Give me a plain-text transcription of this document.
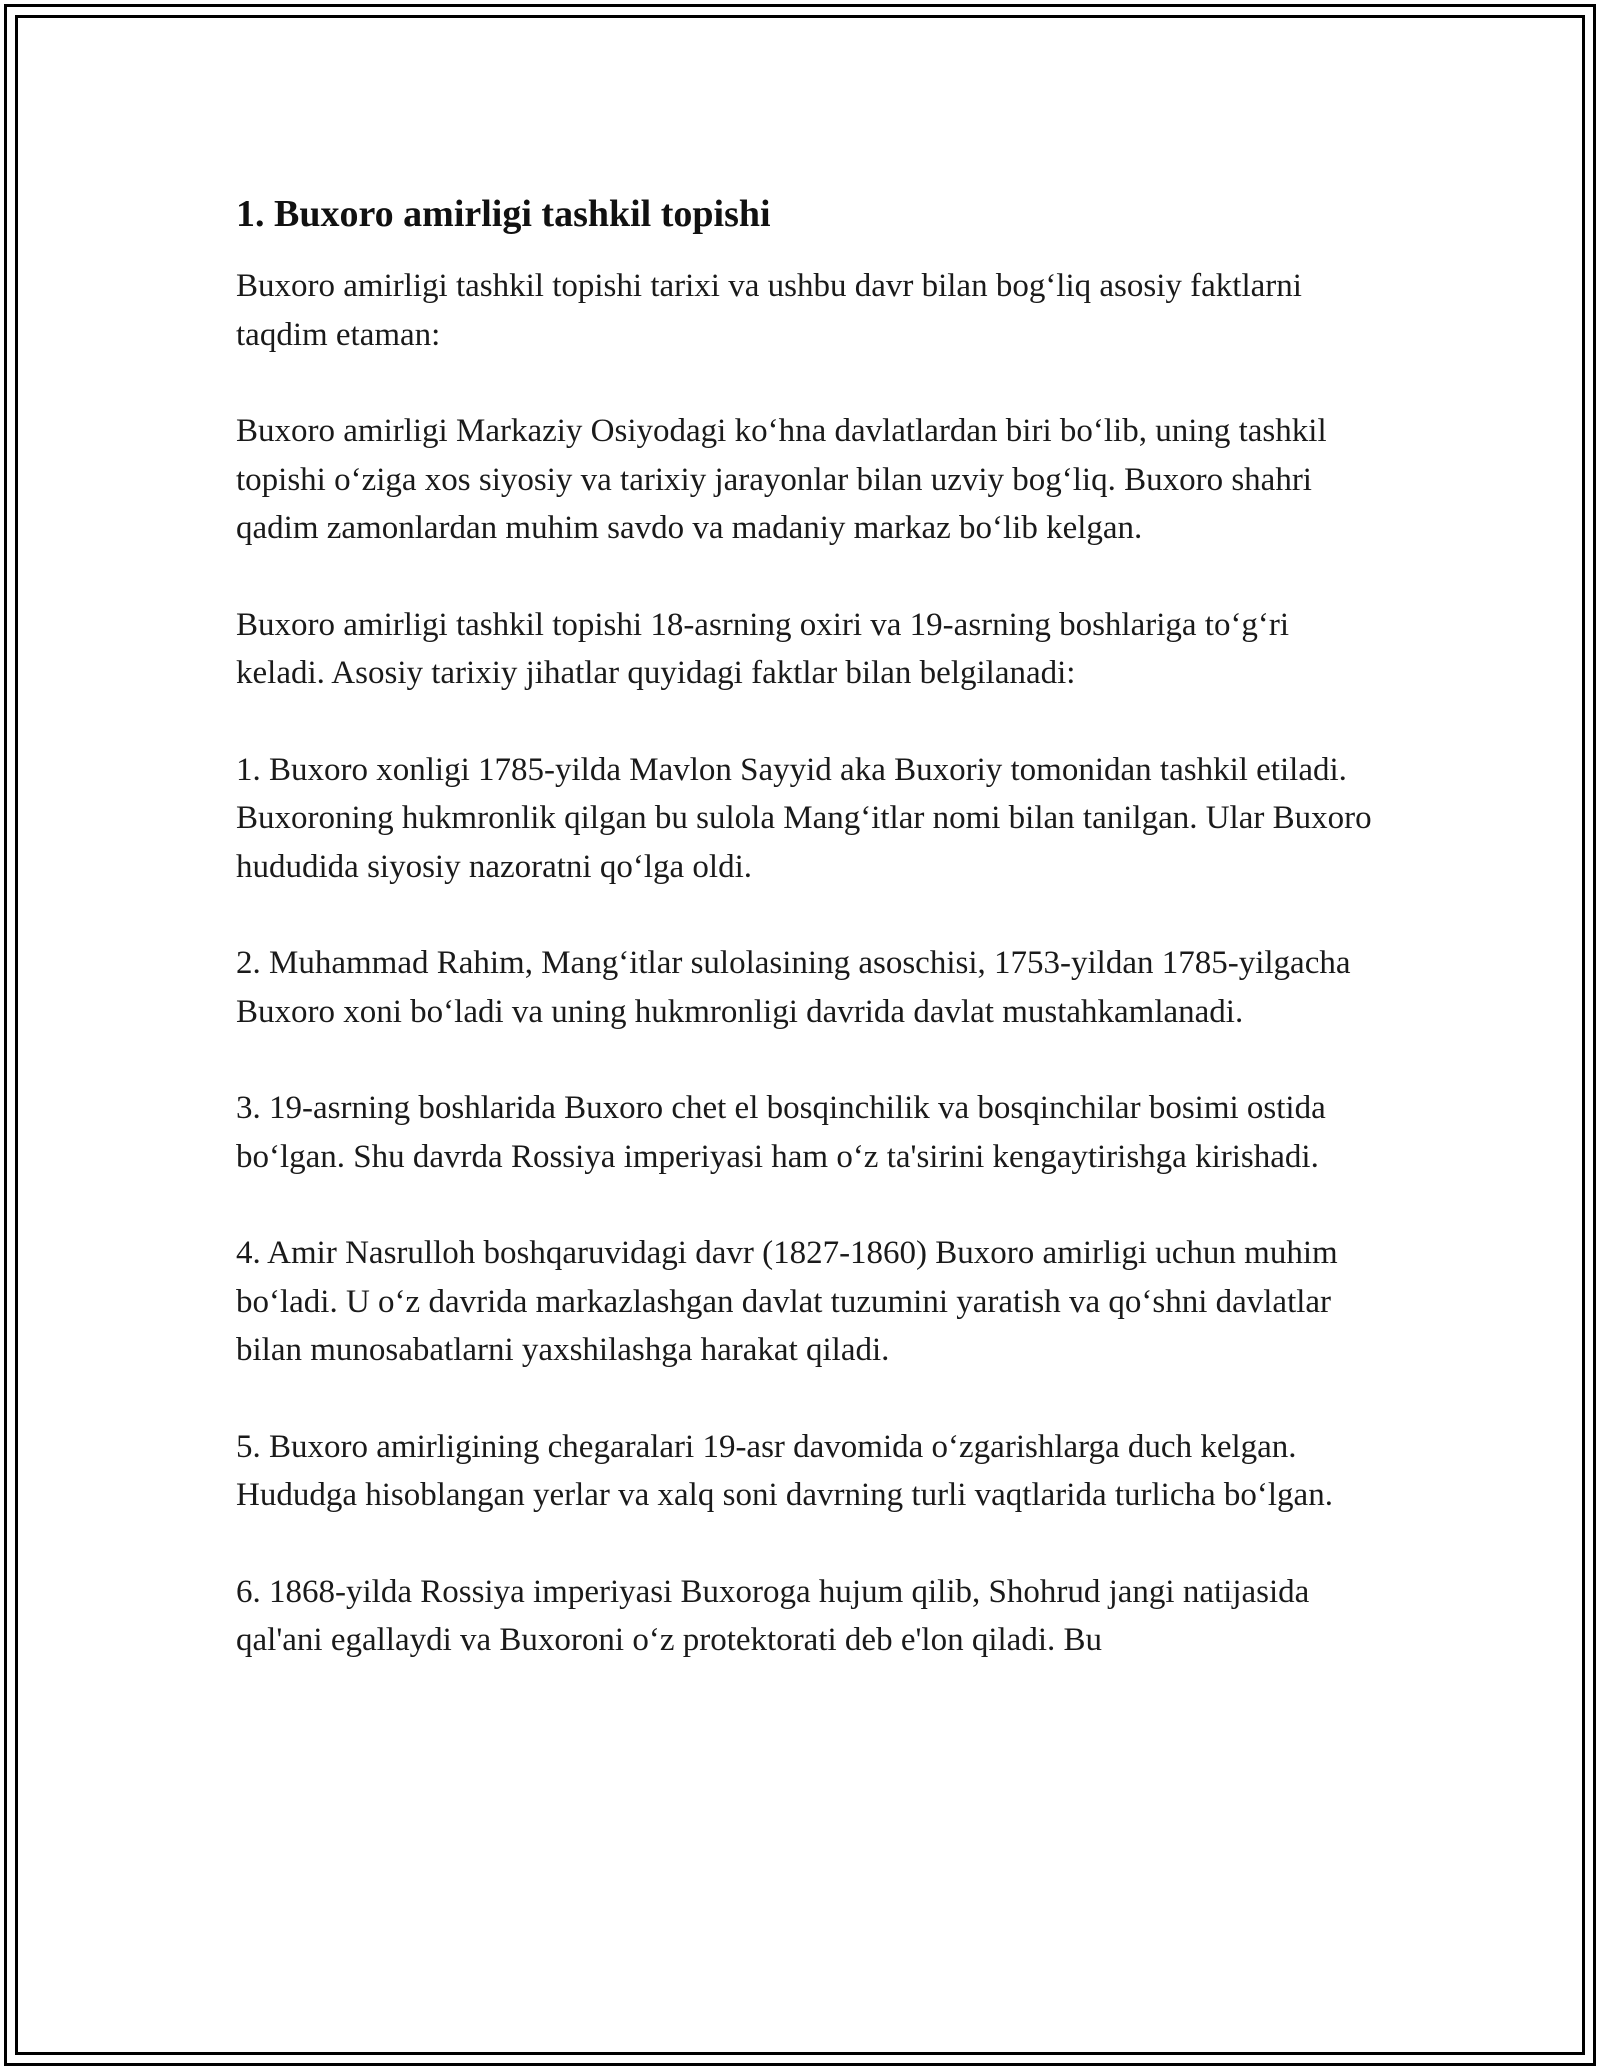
1. Buxoro amirligi tashkil topishi

Buxoro amirligi tashkil topishi tarixi va ushbu davr bilan bog‘liq asosiy faktlarni taqdim etaman:

Buxoro amirligi Markaziy Osiyodagi ko‘hna davlatlardan biri bo‘lib, uning tashkil topishi o‘ziga xos siyosiy va tarixiy jarayonlar bilan uzviy bog‘liq. Buxoro shahri qadim zamonlardan muhim savdo va madaniy markaz bo‘lib kelgan.

Buxoro amirligi tashkil topishi 18-asrning oxiri va 19-asrning boshlariga to‘g‘ri keladi. Asosiy tarixiy jihatlar quyidagi faktlar bilan belgilanadi:

1. Buxoro xonligi 1785-yilda Mavlon Sayyid aka Buxoriy tomonidan tashkil etiladi. Buxoroning hukmronlik qilgan bu sulola Mang‘itlar nomi bilan tanilgan. Ular Buxoro hududida siyosiy nazoratni qo‘lga oldi.

2. Muhammad Rahim, Mang‘itlar sulolasining asoschisi, 1753-yildan 1785-yilgacha Buxoro xoni bo‘ladi va uning hukmronligi davrida davlat mustahkamlanadi.

3. 19-asrning boshlarida Buxoro chet el bosqinchilik va bosqinchilar bosimi ostida bo‘lgan. Shu davrda Rossiya imperiyasi ham o‘z ta'sirini kengaytirishga kirishadi.

4. Amir Nasrulloh boshqaruvidagi davr (1827-1860) Buxoro amirligi uchun muhim bo‘ladi. U o‘z davrida markazlashgan davlat tuzumini yaratish va qo‘shni davlatlar bilan munosabatlarni yaxshilashga harakat qiladi.

5. Buxoro amirligining chegaralari 19-asr davomida o‘zgarishlarga duch kelgan. Hududga hisoblangan yerlar va xalq soni davrning turli vaqtlarida turlicha bo‘lgan.

6. 1868-yilda Rossiya imperiyasi Buxoroga hujum qilib, Shohrud jangi natijasida qal'ani egallaydi va Buxoroni o‘z protektorati deb e'lon qiladi. Bu
